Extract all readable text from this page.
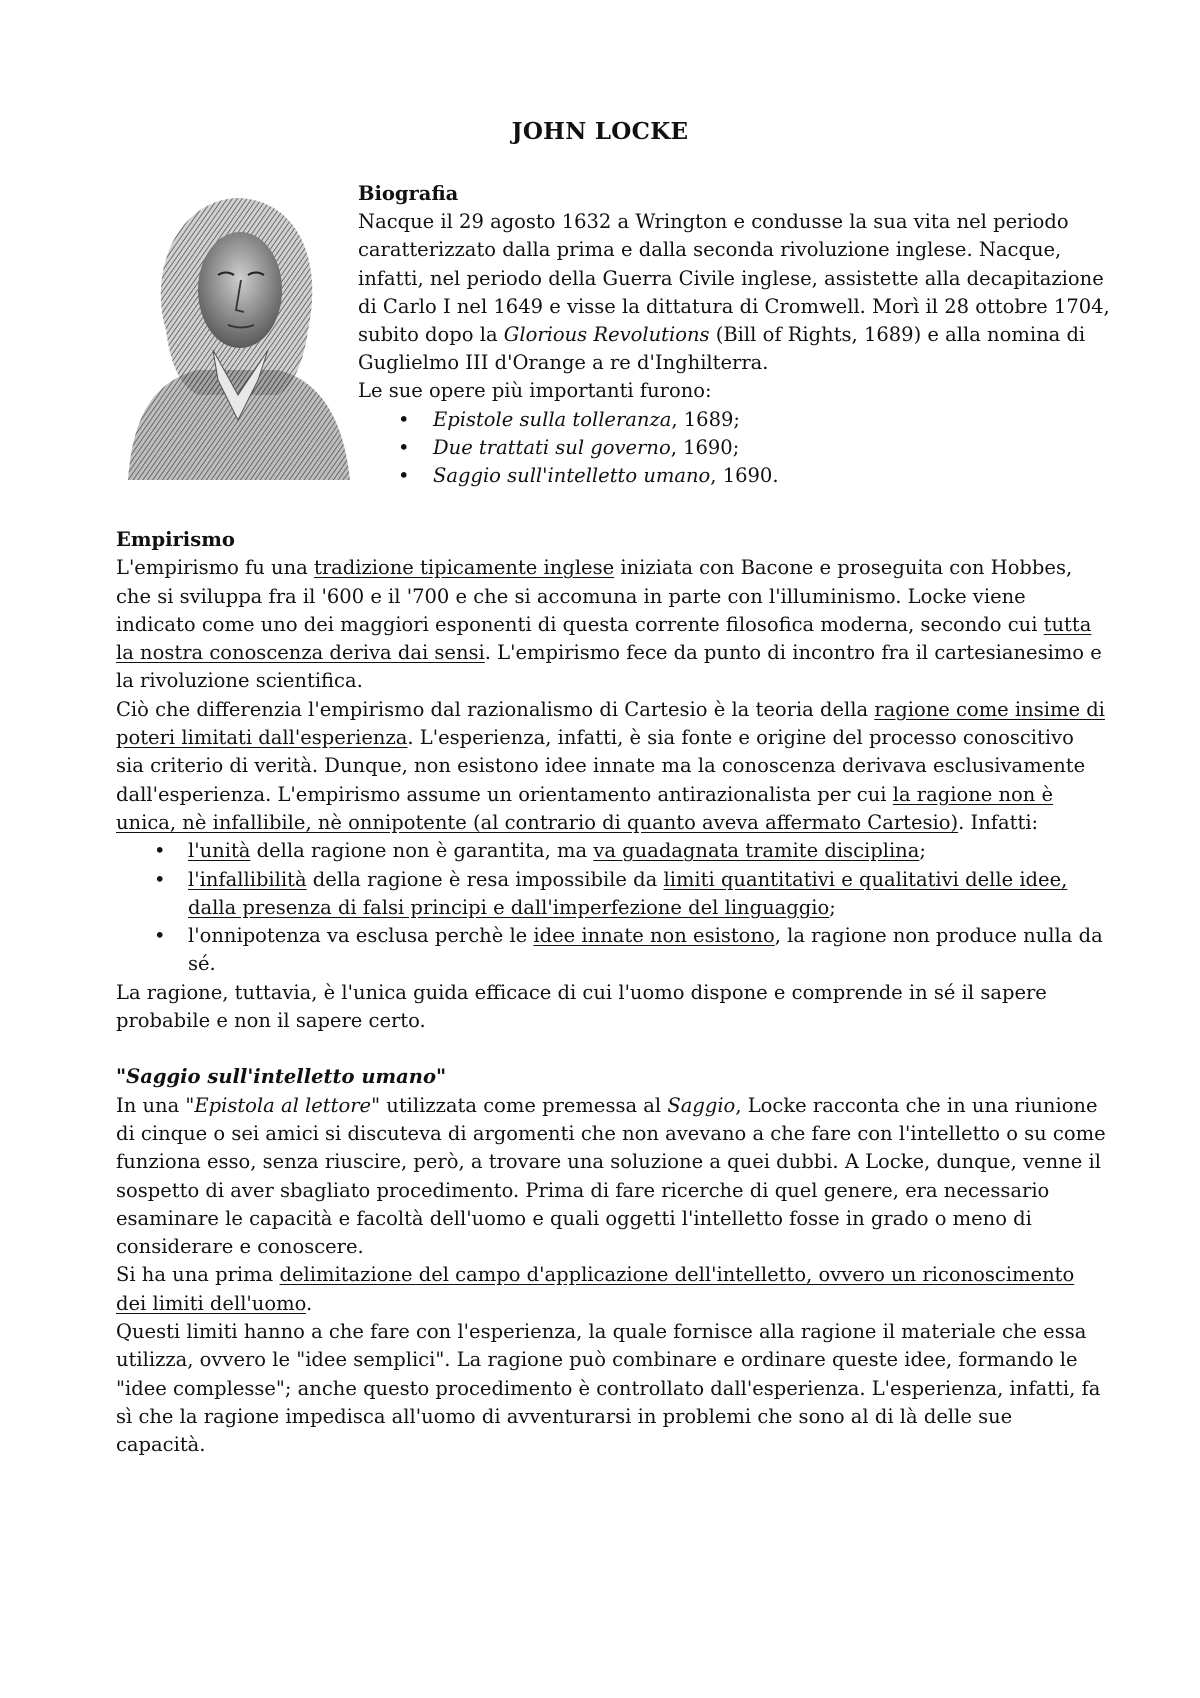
JOHN LOCKE

Biografia

Nacque il 29 agosto 1632 a Wrington e condusse la sua vita nel periodo caratterizzato dalla prima e dalla seconda rivoluzione inglese. Nacque, infatti, nel periodo della Guerra Civile inglese, assistette alla decapitazione di Carlo I nel 1649 e visse la dittatura di Cromwell. Morì il 28 ottobre 1704, subito dopo la Glorious Revolutions (Bill of Rights, 1689) e alla nomina di Guglielmo III d'Orange a re d'Inghilterra.

Le sue opere più importanti furono:

• Epistole sulla tolleranza, 1689;
• Due trattati sul governo, 1690;
• Saggio sull'intelletto umano, 1690.

Empirismo

L'empirismo fu una tradizione tipicamente inglese iniziata con Bacone e proseguita con Hobbes, che si sviluppa fra il '600 e il '700 e che si accomuna in parte con l'illuminismo. Locke viene indicato come uno dei maggiori esponenti di questa corrente filosofica moderna, secondo cui tutta la nostra conoscenza deriva dai sensi. L'empirismo fece da punto di incontro fra il cartesianesimo e la rivoluzione scientifica.

Ciò che differenzia l'empirismo dal razionalismo di Cartesio è la teoria della ragione come insime di poteri limitati dall'esperienza. L'esperienza, infatti, è sia fonte e origine del processo conoscitivo sia criterio di verità. Dunque, non esistono idee innate ma la conoscenza derivava esclusivamente dall'esperienza. L'empirismo assume un orientamento antirazionalista per cui la ragione non è unica, nè infallibile, nè onnipotente (al contrario di quanto aveva affermato Cartesio). Infatti:

• l'unità della ragione non è garantita, ma va guadagnata tramite disciplina;
• l'infallibilità della ragione è resa impossibile da limiti quantitativi e qualitativi delle idee, dalla presenza di falsi principi e dall'imperfezione del linguaggio;
• l'onnipotenza va esclusa perchè le idee innate non esistono, la ragione non produce nulla da sé.

La ragione, tuttavia, è l'unica guida efficace di cui l'uomo dispone e comprende in sé il sapere probabile e non il sapere certo.

"Saggio sull'intelletto umano"

In una "Epistola al lettore" utilizzata come premessa al Saggio, Locke racconta che in una riunione di cinque o sei amici si discuteva di argomenti che non avevano a che fare con l'intelletto o su come funziona esso, senza riuscire, però, a trovare una soluzione a quei dubbi. A Locke, dunque, venne il sospetto di aver sbagliato procedimento. Prima di fare ricerche di quel genere, era necessario esaminare le capacità e facoltà dell'uomo e quali oggetti l'intelletto fosse in grado o meno di considerare e conoscere.

Si ha una prima delimitazione del campo d'applicazione dell'intelletto, ovvero un riconoscimento dei limiti dell'uomo.

Questi limiti hanno a che fare con l'esperienza, la quale fornisce alla ragione il materiale che essa utilizza, ovvero le "idee semplici". La ragione può combinare e ordinare queste idee, formando le "idee complesse"; anche questo procedimento è controllato dall'esperienza. L'esperienza, infatti, fa sì che la ragione impedisca all'uomo di avventurarsi in problemi che sono al di là delle sue capacità.
